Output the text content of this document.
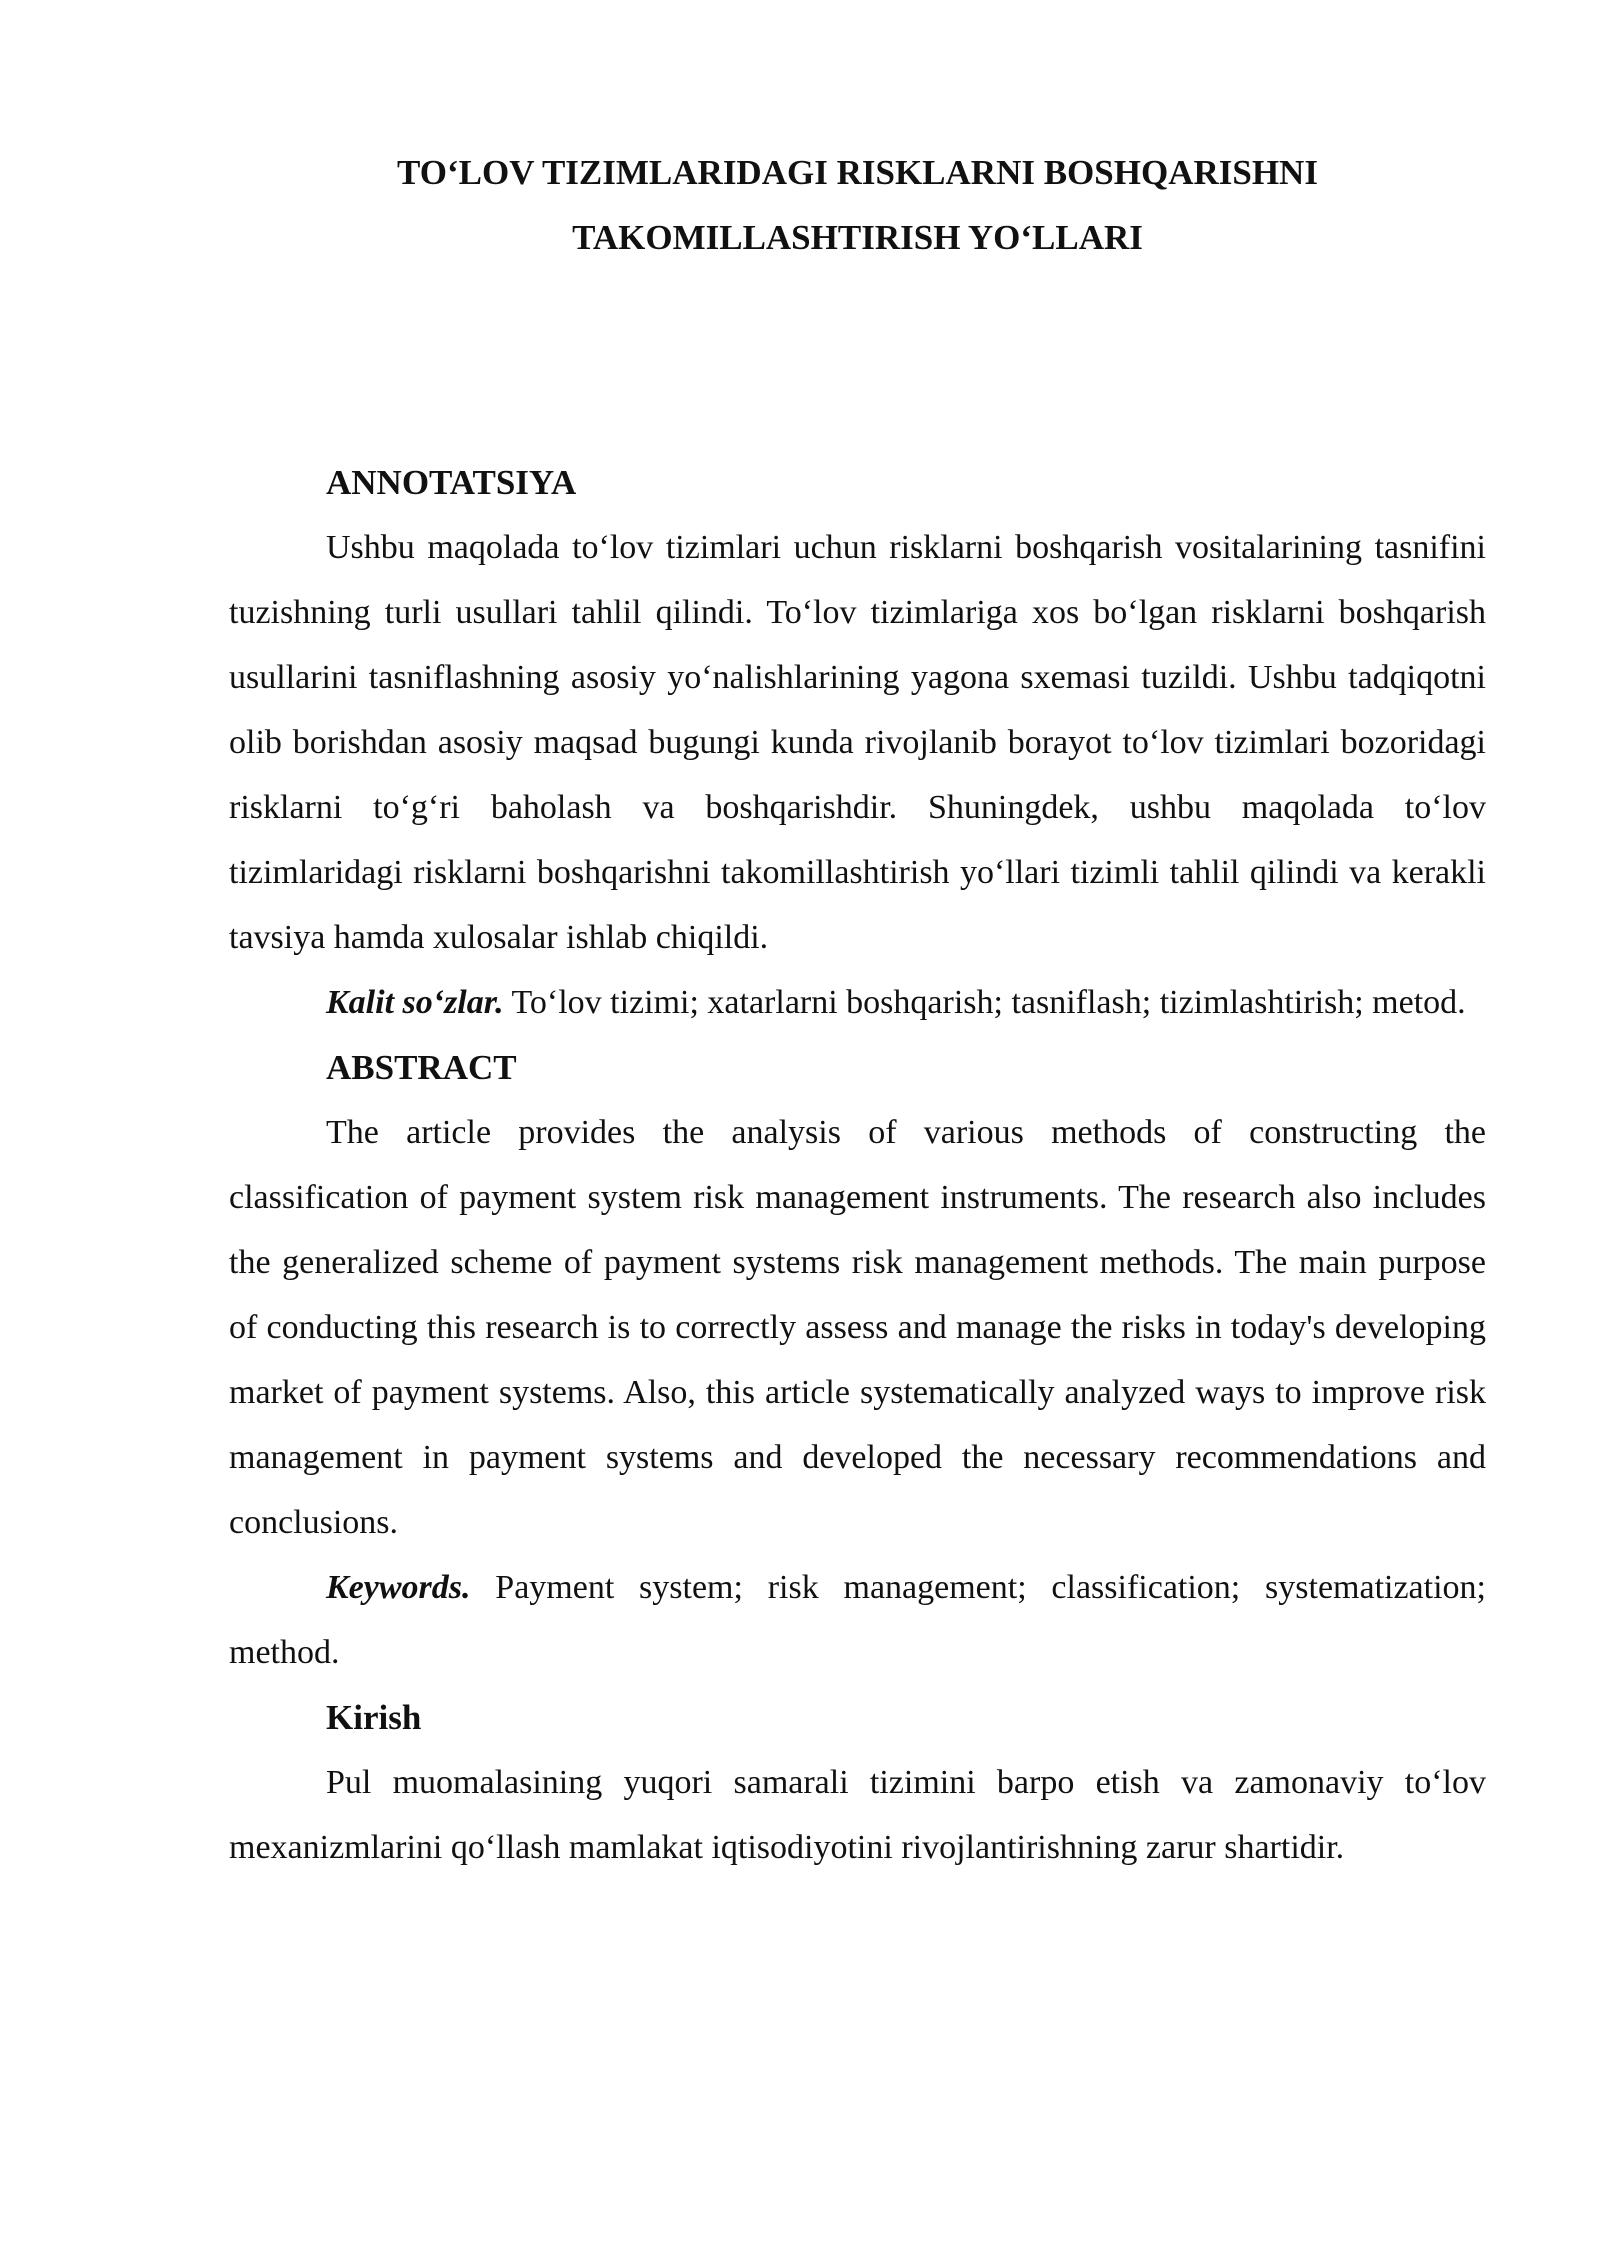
TO‘LOV TIZIMLARIDAGI RISKLARNI BOSHQARISHNI
TAKOMILLASHTIRISH YO‘LLARI
ANNOTATSIYA

Ushbu maqolada to‘lov tizimlari uchun risklarni boshqarish vositalarining tasnifini tuzishning turli usullari tahlil qilindi. To‘lov tizimlariga xos bo‘lgan risklarni boshqarish usullarini tasniflashning asosiy yo‘nalishlarining yagona sxemasi tuzildi. Ushbu tadqiqotni olib borishdan asosiy maqsad bugungi kunda rivojlanib borayot to‘lov tizimlari bozoridagi risklarni to‘g‘ri baholash va boshqarishdir. Shuningdek, ushbu maqolada to‘lov tizimlaridagi risklarni boshqarishni takomillashtirish yo‘llari tizimli tahlil qilindi va kerakli tavsiya hamda xulosalar ishlab chiqildi.

Kalit so‘zlar. To‘lov tizimi; xatarlarni boshqarish; tasniflash; tizimlashtirish; metod.

ABSTRACT

The article provides the analysis of various methods of constructing the classification of payment system risk management instruments. The research also includes the generalized scheme of payment systems risk management methods. The main purpose of conducting this research is to correctly assess and manage the risks in today's developing market of payment systems. Also, this article systematically analyzed ways to improve risk management in payment systems and developed the necessary recommendations and conclusions.

Keywords. Payment system; risk management; classification; systematization; method.

Kirish

Pul muomalasining yuqori samarali tizimini barpo etish va zamonaviy to‘lov mexanizmlarini qo‘llash mamlakat iqtisodiyotini rivojlantirishning zarur shartidir.
